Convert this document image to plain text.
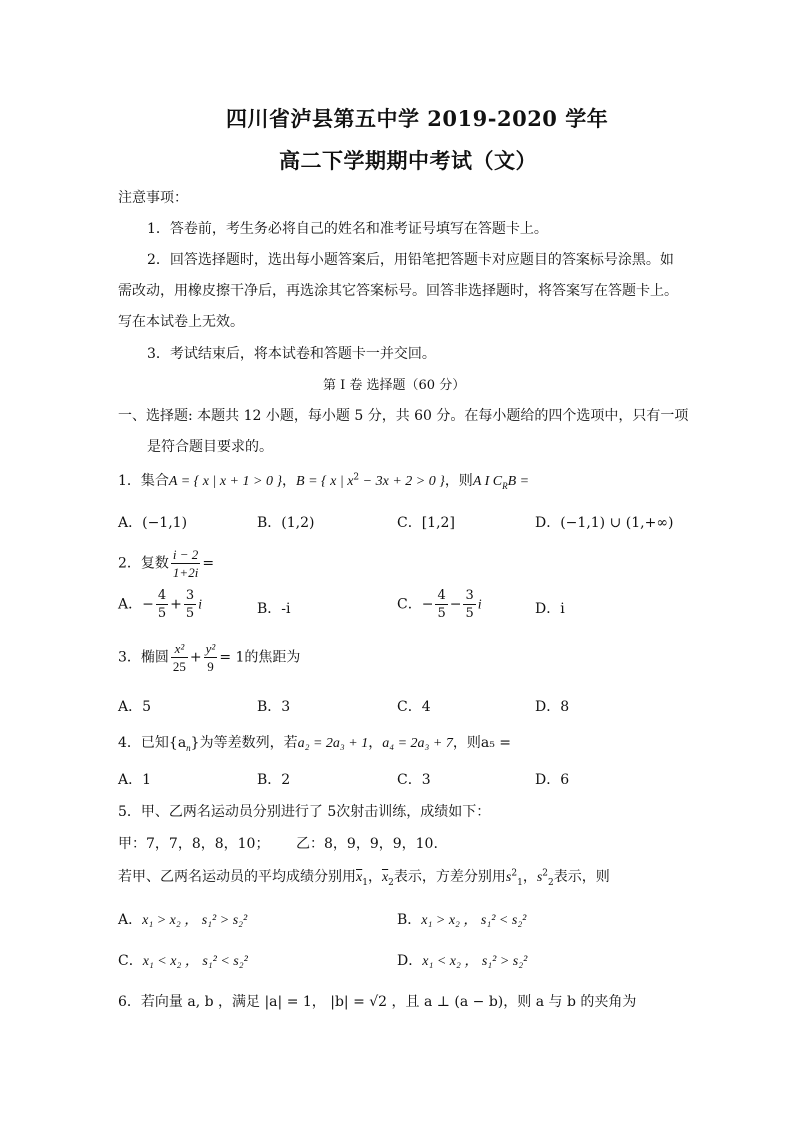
四川省泸县第五中学 2019-2020 学年
高二下学期期中考试（文）
注意事项：
1．答卷前，考生务必将自己的姓名和准考证号填写在答题卡上。
2．回答选择题时，选出每小题答案后，用铅笔把答题卡对应题目的答案标号涂黑。如
需改动，用橡皮擦干净后，再选涂其它答案标号。回答非选择题时，将答案写在答题卡上。
写在本试卷上无效。
3．考试结束后，将本试卷和答题卡一并交回。
第 I 卷 选择题（60 分）
一、选择题: 本题共 12 小题，每小题 5 分，共 60 分。在每小题给的四个选项中，只有一项
是符合题目要求的。
1．集合A = { x | x + 1 > 0 }，B = { x | $x^2 - 3x + 2 > 0$ }，则A I $C_RB$ =
A．(−1,1)	B．(1,2)	C．[1,2]	D．(−1,1) ∪ (1,+∞)
2．复数 $\frac{i - 2}{1+2i}$ =
A．− $\frac{4}{5} + \frac{3}{5}$ i	B．-i	C．− $\frac{4}{5} - \frac{3}{5}$ i	D．i
3．椭圆 $\frac{\text{x²}}{25} + \frac{\text{y²}}{9} = 1$的焦距为
A．5	B．3	C．4	D．8
4．已知$\{a_n\}$为等差数列，若a₂ = 2a₃ + 1，a₄ = 2a₃ + 7，则a₅ =
A．1	B．2	C．3	D．6
5．甲、乙两名运动员分别进行了 5次射击训练，成绩如下：
甲：7，7，8，8，10； 乙：8，9，9，9，10.
若甲、乙两名运动员的平均成绩分别用$\overline{x}_1$，$\overline{x}_2$表示，方差分别用$s^2_1$，$s^2_2$表示，则
A．x₁ > x₂ ， s₁² > s₂²	B．x₁ > x₂ ， s₁² < s₂²
C．x₁ < x₂ ， s₁² < s₂²	D．x₁ < x₂ ， s₁² > s₂²
6．若向量 a, b ，满足 |a| = 1， |b| = √2 ，且 a ⊥ (a − b)，则 a 与 b 的夹角为
